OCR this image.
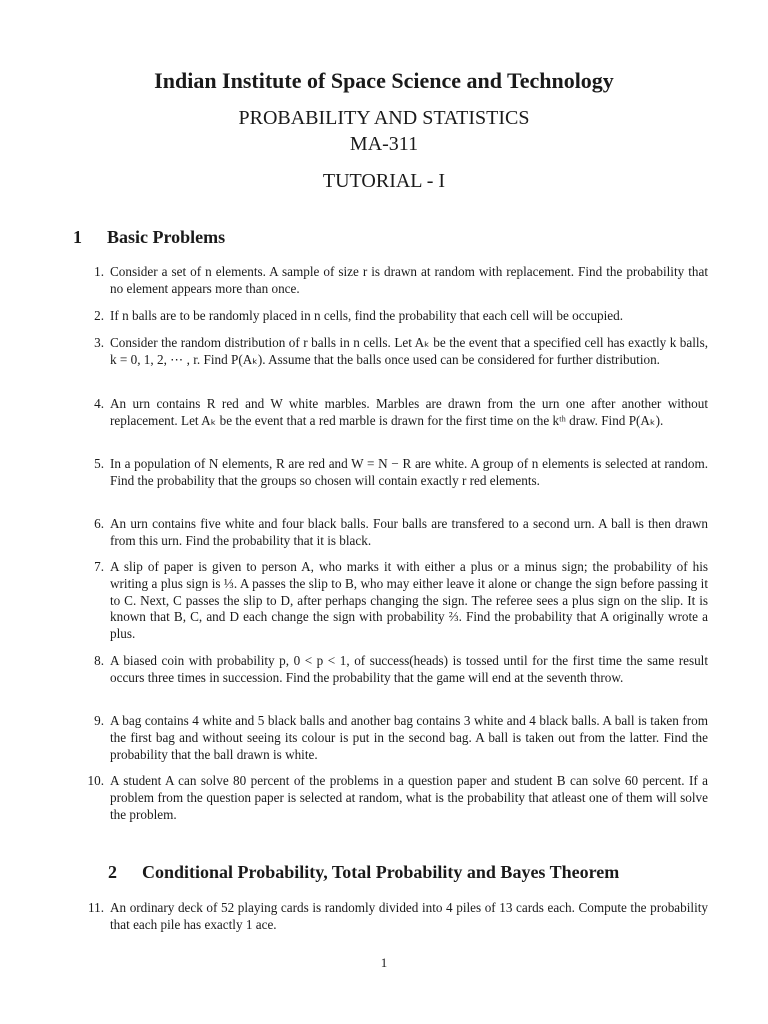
Indian Institute of Space Science and Technology
PROBABILITY AND STATISTICS
MA-311
TUTORIAL - I
1 Basic Problems
1. Consider a set of n elements. A sample of size r is drawn at random with replacement. Find the probability that no element appears more than once.
2. If n balls are to be randomly placed in n cells, find the probability that each cell will be occupied.
3. Consider the random distribution of r balls in n cells. Let Aₖ be the event that a specified cell has exactly k balls, k = 0, 1, 2, ⋯ , r. Find P(Aₖ). Assume that the balls once used can be considered for further distribution.
4. An urn contains R red and W white marbles. Marbles are drawn from the urn one after another without replacement. Let Aₖ be the event that a red marble is drawn for the first time on the kᵗʰ draw. Find P(Aₖ).
5. In a population of N elements, R are red and W = N − R are white. A group of n elements is selected at random. Find the probability that the groups so chosen will contain exactly r red elements.
6. An urn contains five white and four black balls. Four balls are transfered to a second urn. A ball is then drawn from this urn. Find the probability that it is black.
7. A slip of paper is given to person A, who marks it with either a plus or a minus sign; the probability of his writing a plus sign is ⅓. A passes the slip to B, who may either leave it alone or change the sign before passing it to C. Next, C passes the slip to D, after perhaps changing the sign. The referee sees a plus sign on the slip. It is known that B, C, and D each change the sign with probability ⅔. Find the probability that A originally wrote a plus.
8. A biased coin with probability p, 0 < p < 1, of success(heads) is tossed until for the first time the same result occurs three times in succession. Find the probability that the game will end at the seventh throw.
9. A bag contains 4 white and 5 black balls and another bag contains 3 white and 4 black balls. A ball is taken from the first bag and without seeing its colour is put in the second bag. A ball is taken out from the latter. Find the probability that the ball drawn is white.
10. A student A can solve 80 percent of the problems in a question paper and student B can solve 60 percent. If a problem from the question paper is selected at random, what is the probability that atleast one of them will solve the problem.
2 Conditional Probability, Total Probability and Bayes Theorem
11. An ordinary deck of 52 playing cards is randomly divided into 4 piles of 13 cards each. Compute the probability that each pile has exactly 1 ace.
1
